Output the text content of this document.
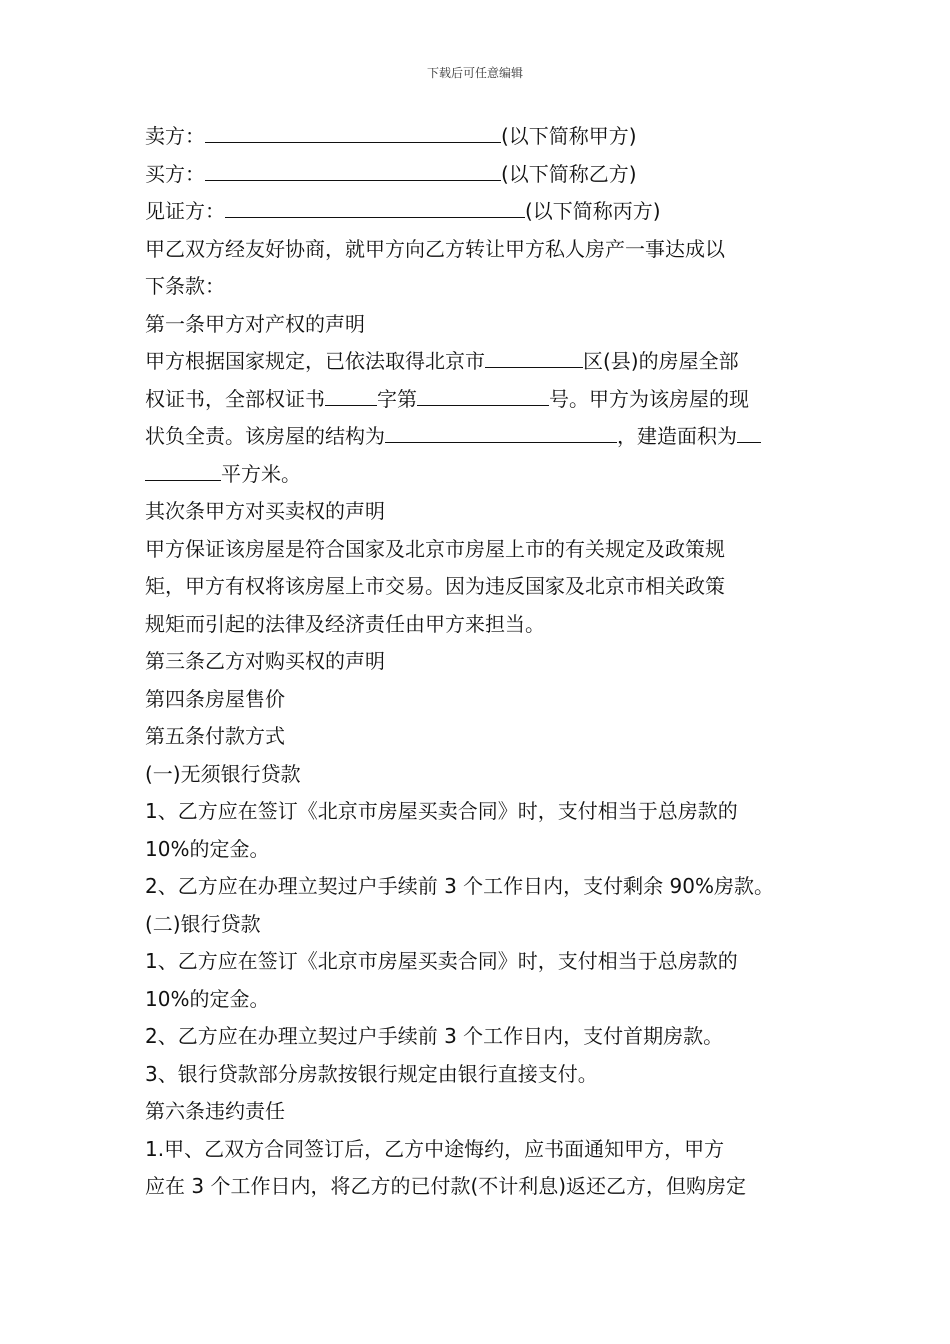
下载后可任意编辑
卖方：	(以下简称甲方)
买方：	(以下简称乙方)
见证方：	(以下简称丙方)
甲乙双方经友好协商，就甲方向乙方转让甲方私人房产一事达成以
下条款：
第一条甲方对产权的声明
甲方根据国家规定，已依法取得北京市	区(县)的房屋全部
权证书，全部权证书	字第	号。甲方为该房屋的现
状负全责。该房屋的结构为	，建造面积为
平方米。
其次条甲方对买卖权的声明
甲方保证该房屋是符合国家及北京市房屋上市的有关规定及政策规
矩，甲方有权将该房屋上市交易。因为违反国家及北京市相关政策
规矩而引起的法律及经济责任由甲方来担当。
第三条乙方对购买权的声明
第四条房屋售价
第五条付款方式
(一)无须银行贷款
1、乙方应在签订《北京市房屋买卖合同》时，支付相当于总房款的
10%的定金。
2、乙方应在办理立契过户手续前 3 个工作日内，支付剩余 90%房款。
(二)银行贷款
1、乙方应在签订《北京市房屋买卖合同》时，支付相当于总房款的
10%的定金。
2、乙方应在办理立契过户手续前 3 个工作日内，支付首期房款。
3、银行贷款部分房款按银行规定由银行直接支付。
第六条违约责任
1.甲、乙双方合同签订后，乙方中途悔约，应书面通知甲方，甲方
应在 3 个工作日内，将乙方的已付款(不计利息)返还乙方，但购房定
